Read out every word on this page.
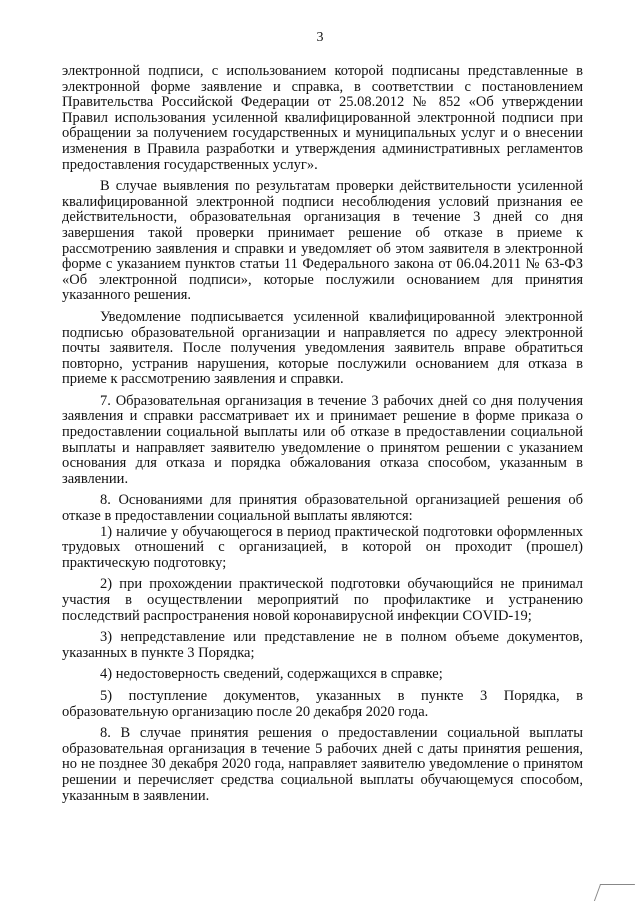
3

электронной подписи, с использованием которой подписаны представленные в электронной форме заявление и справка, в соответствии с постановлением Правительства Российской Федерации от 25.08.2012 № 852 «Об утверждении Правил использования усиленной квалифицированной электронной подписи при обращении за получением государственных и муниципальных услуг и о внесении изменения в Правила разработки и утверждения административных регламентов предоставления государственных услуг».

В случае выявления по результатам проверки действительности усиленной квалифицированной электронной подписи несоблюдения условий признания ее действительности, образовательная организация в течение 3 дней со дня завершения такой проверки принимает решение об отказе в приеме к рассмотрению заявления и справки и уведомляет об этом заявителя в электронной форме с указанием пунктов статьи 11 Федерального закона от 06.04.2011 № 63-ФЗ «Об электронной подписи», которые послужили основанием для принятия указанного решения.

Уведомление подписывается усиленной квалифицированной электронной подписью образовательной организации и направляется по адресу электронной почты заявителя. После получения уведомления заявитель вправе обратиться повторно, устранив нарушения, которые послужили основанием для отказа в приеме к рассмотрению заявления и справки.

7. Образовательная организация в течение 3 рабочих дней со дня получения заявления и справки рассматривает их и принимает решение в форме приказа о предоставлении социальной выплаты или об отказе в предоставлении социальной выплаты и направляет заявителю уведомление о принятом решении с указанием основания для отказа и порядка обжалования отказа способом, указанным в заявлении.

8. Основаниями для принятия образовательной организацией решения об отказе в предоставлении социальной выплаты являются:

1) наличие у обучающегося в период практической подготовки оформленных трудовых отношений с организацией, в которой он проходит (прошел) практическую подготовку;

2) при прохождении практической подготовки обучающийся не принимал участия в осуществлении мероприятий по профилактике и устранению последствий распространения новой коронавирусной инфекции COVID-19;

3) непредставление или представление не в полном объеме документов, указанных в пункте 3 Порядка;

4) недостоверность сведений, содержащихся в справке;

5) поступление документов, указанных в пункте 3 Порядка, в образовательную организацию после 20 декабря 2020 года.

8. В случае принятия решения о предоставлении социальной выплаты образовательная организация в течение 5 рабочих дней с даты принятия решения, но не позднее 30 декабря 2020 года, направляет заявителю уведомление о принятом решении и перечисляет средства социальной выплаты обучающемуся способом, указанным в заявлении.
